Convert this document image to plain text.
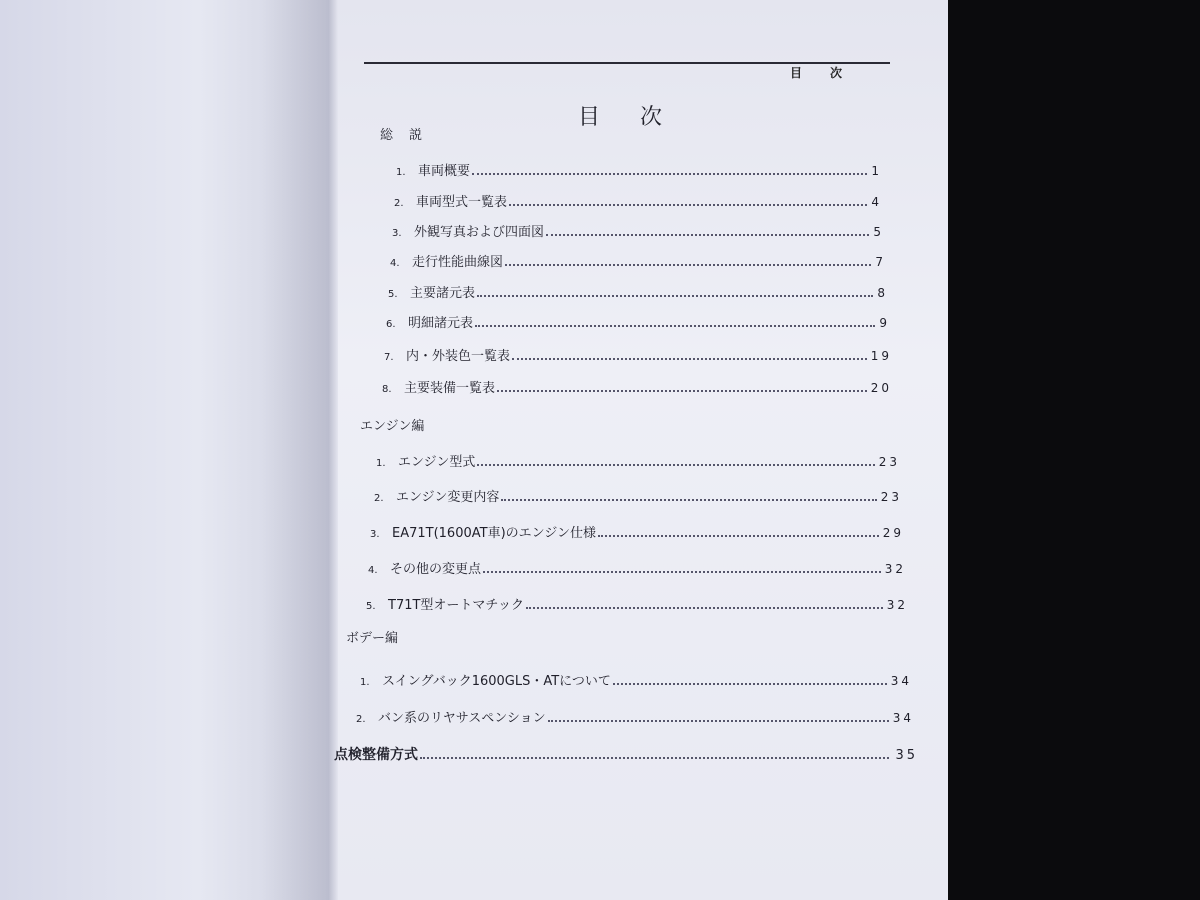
目次
目次
総説
1. 車両概要	1
2. 車両型式一覧表	4
3. 外観写真および四面図	5
4. 走行性能曲線図	7
5. 主要諸元表	8
6. 明細諸元表	9
7. 内・外装色一覧表	19
8. 主要装備一覧表	20
エンジン編
1. エンジン型式	23
2. エンジン変更内容	23
3. EA71T(1600AT車)のエンジン仕様	29
4. その他の変更点	32
5. T71T型オートマチック	32
ボデー編
1. スイングバック1600GLS・ATについて	34
2. バン系のリヤサスペンション	34
点検整備方式	35
